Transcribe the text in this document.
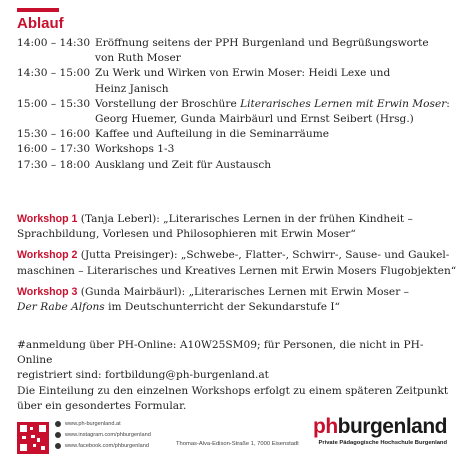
Ablauf
14:00 – 14:30 Eröffnung seitens der PPH Burgenland und Begrüßungsworte
von Ruth Moser
14:30 – 15:00 Zu Werk und Wirken von Erwin Moser: Heidi Lexe und
Heinz Janisch
15:00 – 15:30 Vorstellung der Broschüre Literarisches Lernen mit Erwin Moser:
Georg Huemer, Gunda Mairbäurl und Ernst Seibert (Hrsg.)
15:30 – 16:00 Kaffee und Aufteilung in die Seminarräume
16:00 – 17:30 Workshops 1-3
17:30 – 18:00 Ausklang und Zeit für Austausch
Workshop 1 (Tanja Leberl): „Literarisches Lernen in der frühen Kindheit –
Sprachbildung, Vorlesen und Philosophieren mit Erwin Moser“
Workshop 2 (Jutta Preisinger): „Schwebe-, Flatter-, Schwirr-, Sause- und Gaukel-
maschinen – Literarisches und Kreatives Lernen mit Erwin Mosers Flugobjekten“
Workshop 3 (Gunda Mairbäurl): „Literarisches Lernen mit Erwin Moser –
Der Rabe Alfons im Deutschunterricht der Sekundarstufe I“
#anmeldung über PH-Online: A10W25SM09; für Personen, die nicht in PH-Online
registriert sind: fortbildung@ph-burgenland.at
Die Einteilung zu den einzelnen Workshops erfolgt zu einem späteren Zeitpunkt
über ein gesondertes Formular.
www.ph-burgenland.at
www.instagram.com/phburgenland
www.facebook.com/phburgenland	Thomas-Alva-Edison-Straße 1, 7000 Eisenstadt
phburgenland
Private Pädagogische Hochschule Burgenland
